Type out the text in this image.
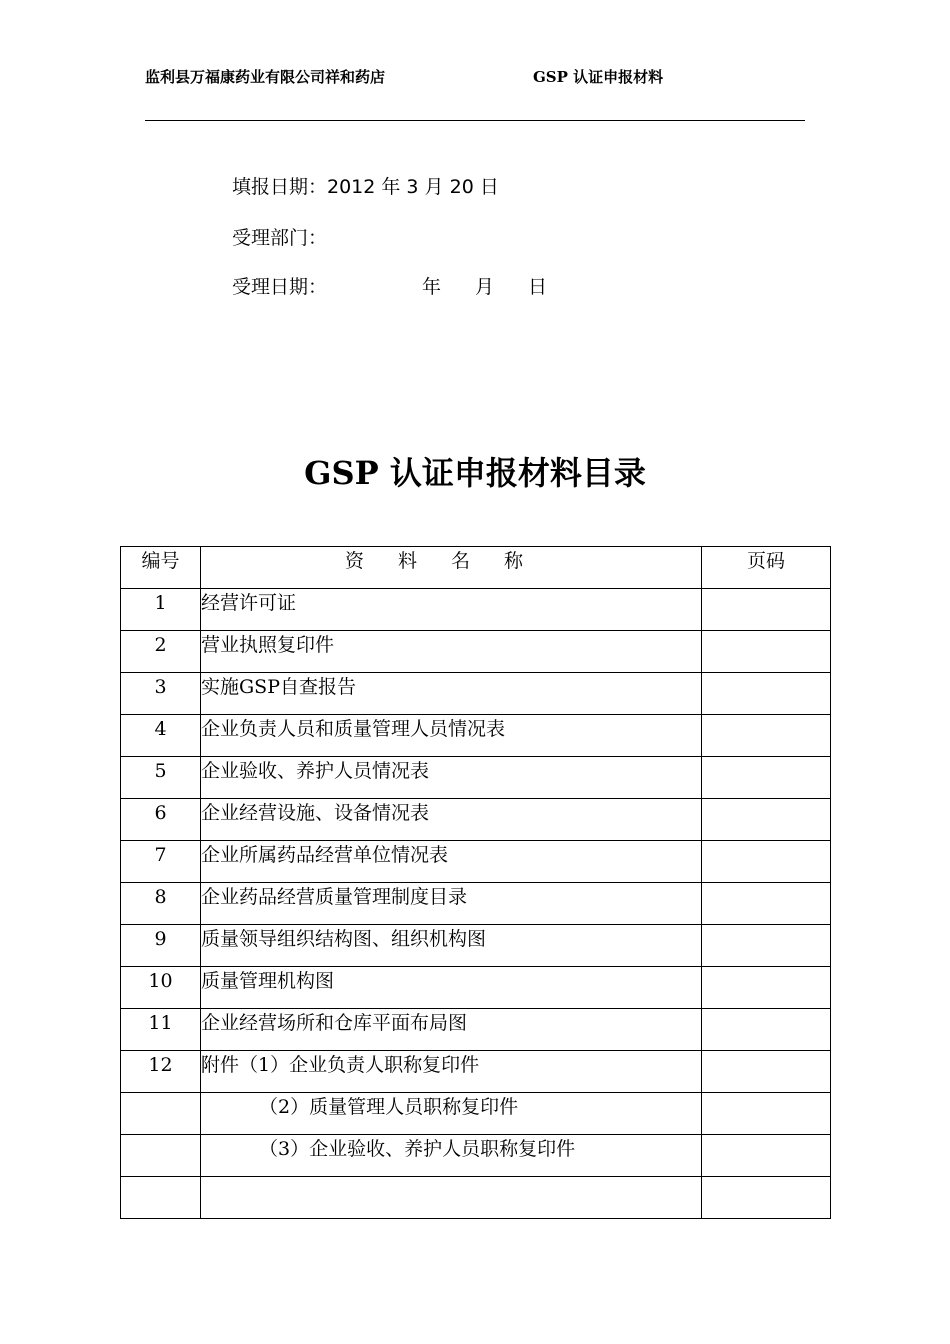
监利县万福康药业有限公司祥和药店	GSP 认证申报材料
填报日期：2012 年 3 月 20 日
受理部门：
受理日期：	年 月 日
GSP 认证申报材料目录
编号	资料名称	页码
1	经营许可证	
2	营业执照复印件	
3	实施GSP自查报告	
4	企业负责人员和质量管理人员情况表	
5	企业验收、养护人员情况表	
6	企业经营设施、设备情况表	
7	企业所属药品经营单位情况表	
8	企业药品经营质量管理制度目录	
9	质量领导组织结构图、组织机构图	
10	质量管理机构图	
11	企业经营场所和仓库平面布局图	
12	附件（1）企业负责人职称复印件	
	（2）质量管理人员职称复印件	
	（3）企业验收、养护人员职称复印件	
